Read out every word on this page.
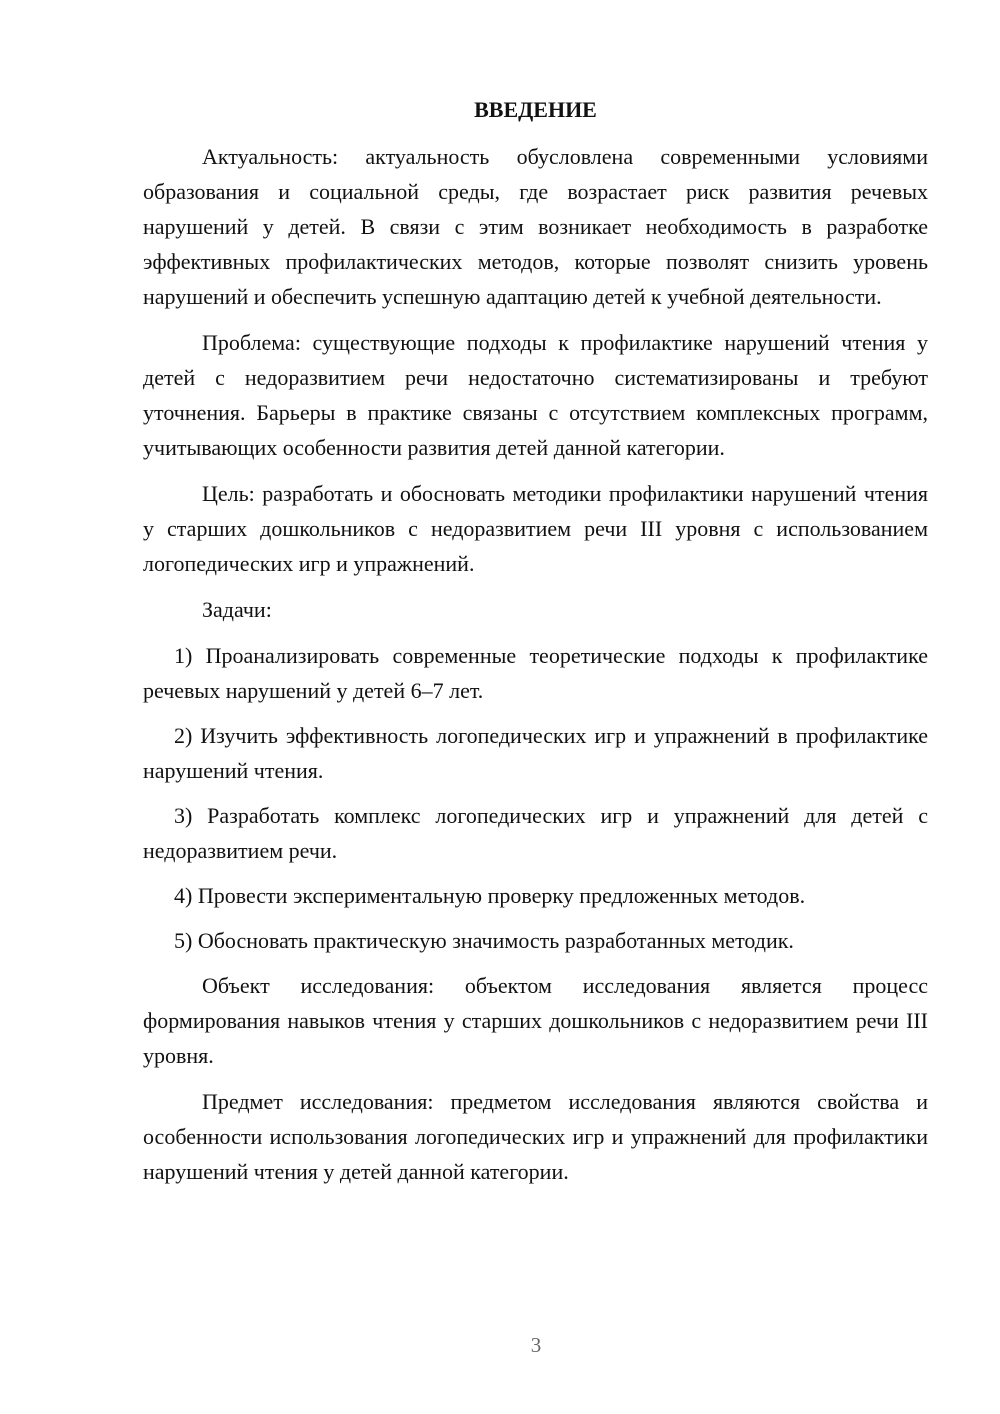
ВВЕДЕНИЕ

Актуальность: актуальность обусловлена современными условиями образования и социальной среды, где возрастает риск развития речевых нарушений у детей. В связи с этим возникает необходимость в разработке эффективных профилактических методов, которые позволят снизить уровень нарушений и обеспечить успешную адаптацию детей к учебной деятельности.

Проблема: существующие подходы к профилактике нарушений чтения у детей с недоразвитием речи недостаточно систематизированы и требуют уточнения. Барьеры в практике связаны с отсутствием комплексных программ, учитывающих особенности развития детей данной категории.

Цель: разработать и обосновать методики профилактики нарушений чтения у старших дошкольников с недоразвитием речи III уровня с использованием логопедических игр и упражнений.

Задачи:

1) Проанализировать современные теоретические подходы к профилактике речевых нарушений у детей 6–7 лет.

2) Изучить эффективность логопедических игр и упражнений в профилактике нарушений чтения.

3) Разработать комплекс логопедических игр и упражнений для детей с недоразвитием речи.

4) Провести экспериментальную проверку предложенных методов.

5) Обосновать практическую значимость разработанных методик.

Объект исследования: объектом исследования является процесс формирования навыков чтения у старших дошкольников с недоразвитием речи III уровня.

Предмет исследования: предметом исследования являются свойства и особенности использования логопедических игр и упражнений для профилактики нарушений чтения у детей данной категории.

3
